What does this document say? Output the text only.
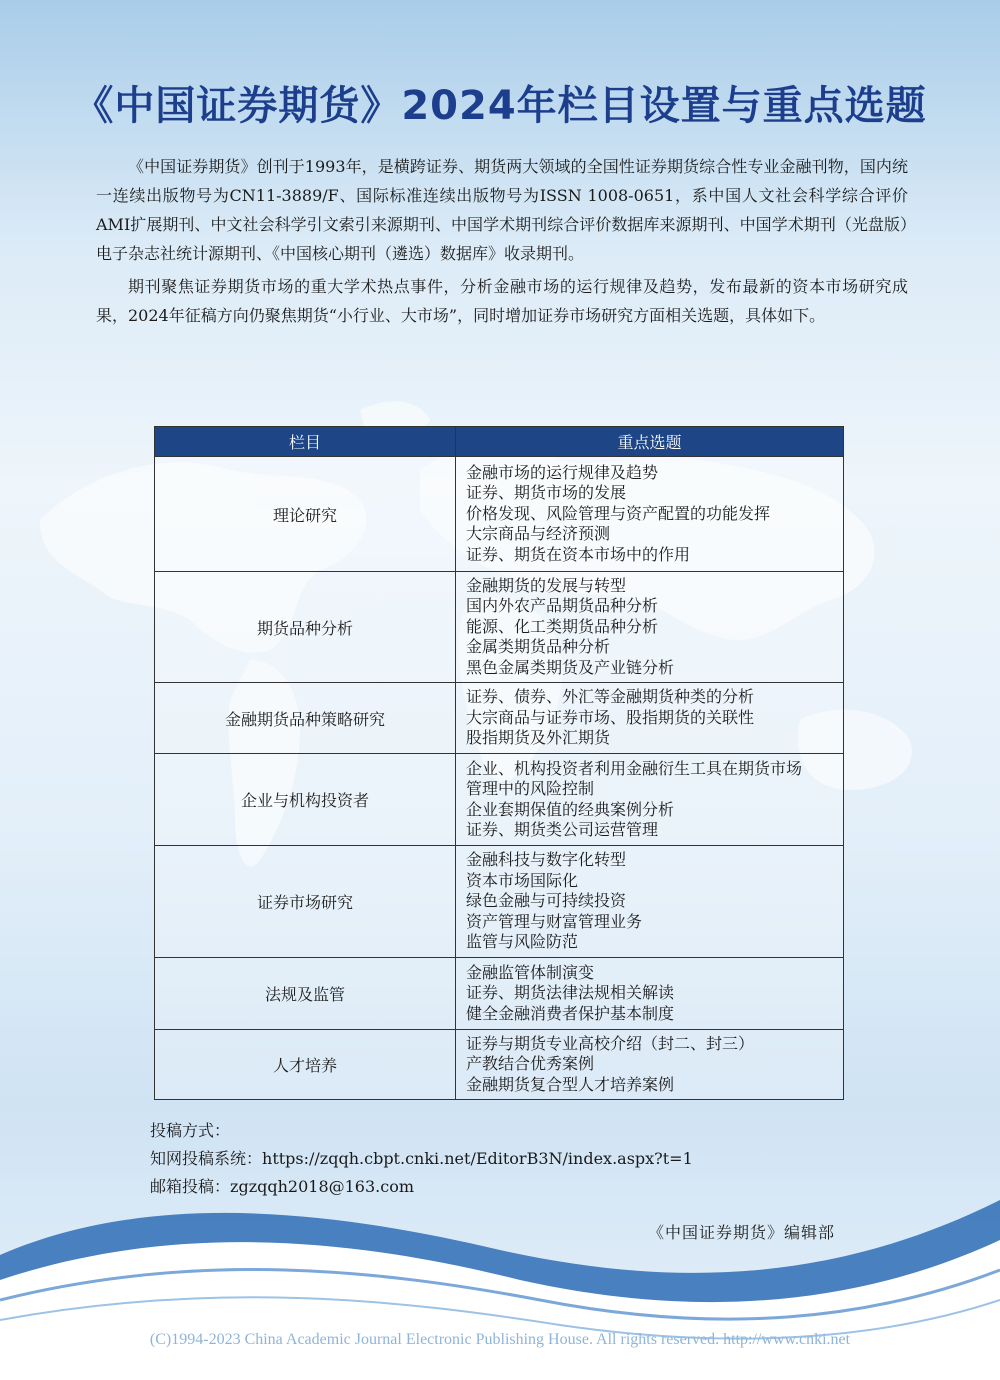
《中国证券期货》2024年栏目设置与重点选题

《中国证券期货》创刊于1993年，是横跨证券、期货两大领域的全国性证券期货综合性专业金融刊物，国内统一连续出版物号为CN11-3889/F、国际标准连续出版物号为ISSN 1008-0651，系中国人文社会科学综合评价AMI扩展期刊、中文社会科学引文索引来源期刊、中国学术期刊综合评价数据库来源期刊、中国学术期刊（光盘版）电子杂志社统计源期刊、《中国核心期刊（遴选）数据库》收录期刊。

期刊聚焦证券期货市场的重大学术热点事件，分析金融市场的运行规律及趋势，发布最新的资本市场研究成果，2024年征稿方向仍聚焦期货“小行业、大市场”，同时增加证券市场研究方面相关选题，具体如下。

栏目	重点选题
理论研究	金融市场的运行规律及趋势
证券、期货市场的发展
价格发现、风险管理与资产配置的功能发挥
大宗商品与经济预测
证券、期货在资本市场中的作用

期货品种分析	金融期货的发展与转型
国内外农产品期货品种分析
能源、化工类期货品种分析
金属类期货品种分析
黑色金属类期货及产业链分析

金融期货品种策略研究	证券、债券、外汇等金融期货种类的分析
大宗商品与证券市场、股指期货的关联性
股指期货及外汇期货

企业与机构投资者	企业、机构投资者利用金融衍生工具在期货市场
管理中的风险控制
企业套期保值的经典案例分析
证券、期货类公司运营管理

证券市场研究	金融科技与数字化转型
资本市场国际化
绿色金融与可持续投资
资产管理与财富管理业务
监管与风险防范

法规及监管	金融监管体制演变
证券、期货法律法规相关解读
健全金融消费者保护基本制度

人才培养	证券与期货专业高校介绍（封二、封三）
产教结合优秀案例
金融期货复合型人才培养案例
投稿方式：
知网投稿系统：https://zqqh.cbpt.cnki.net/EditorB3N/index.aspx?t=1
邮箱投稿：zgzqqh2018@163.com
《中国证券期货》编辑部
(C)1994-2023 China Academic Journal Electronic Publishing House. All rights reserved. http://www.cnki.net
